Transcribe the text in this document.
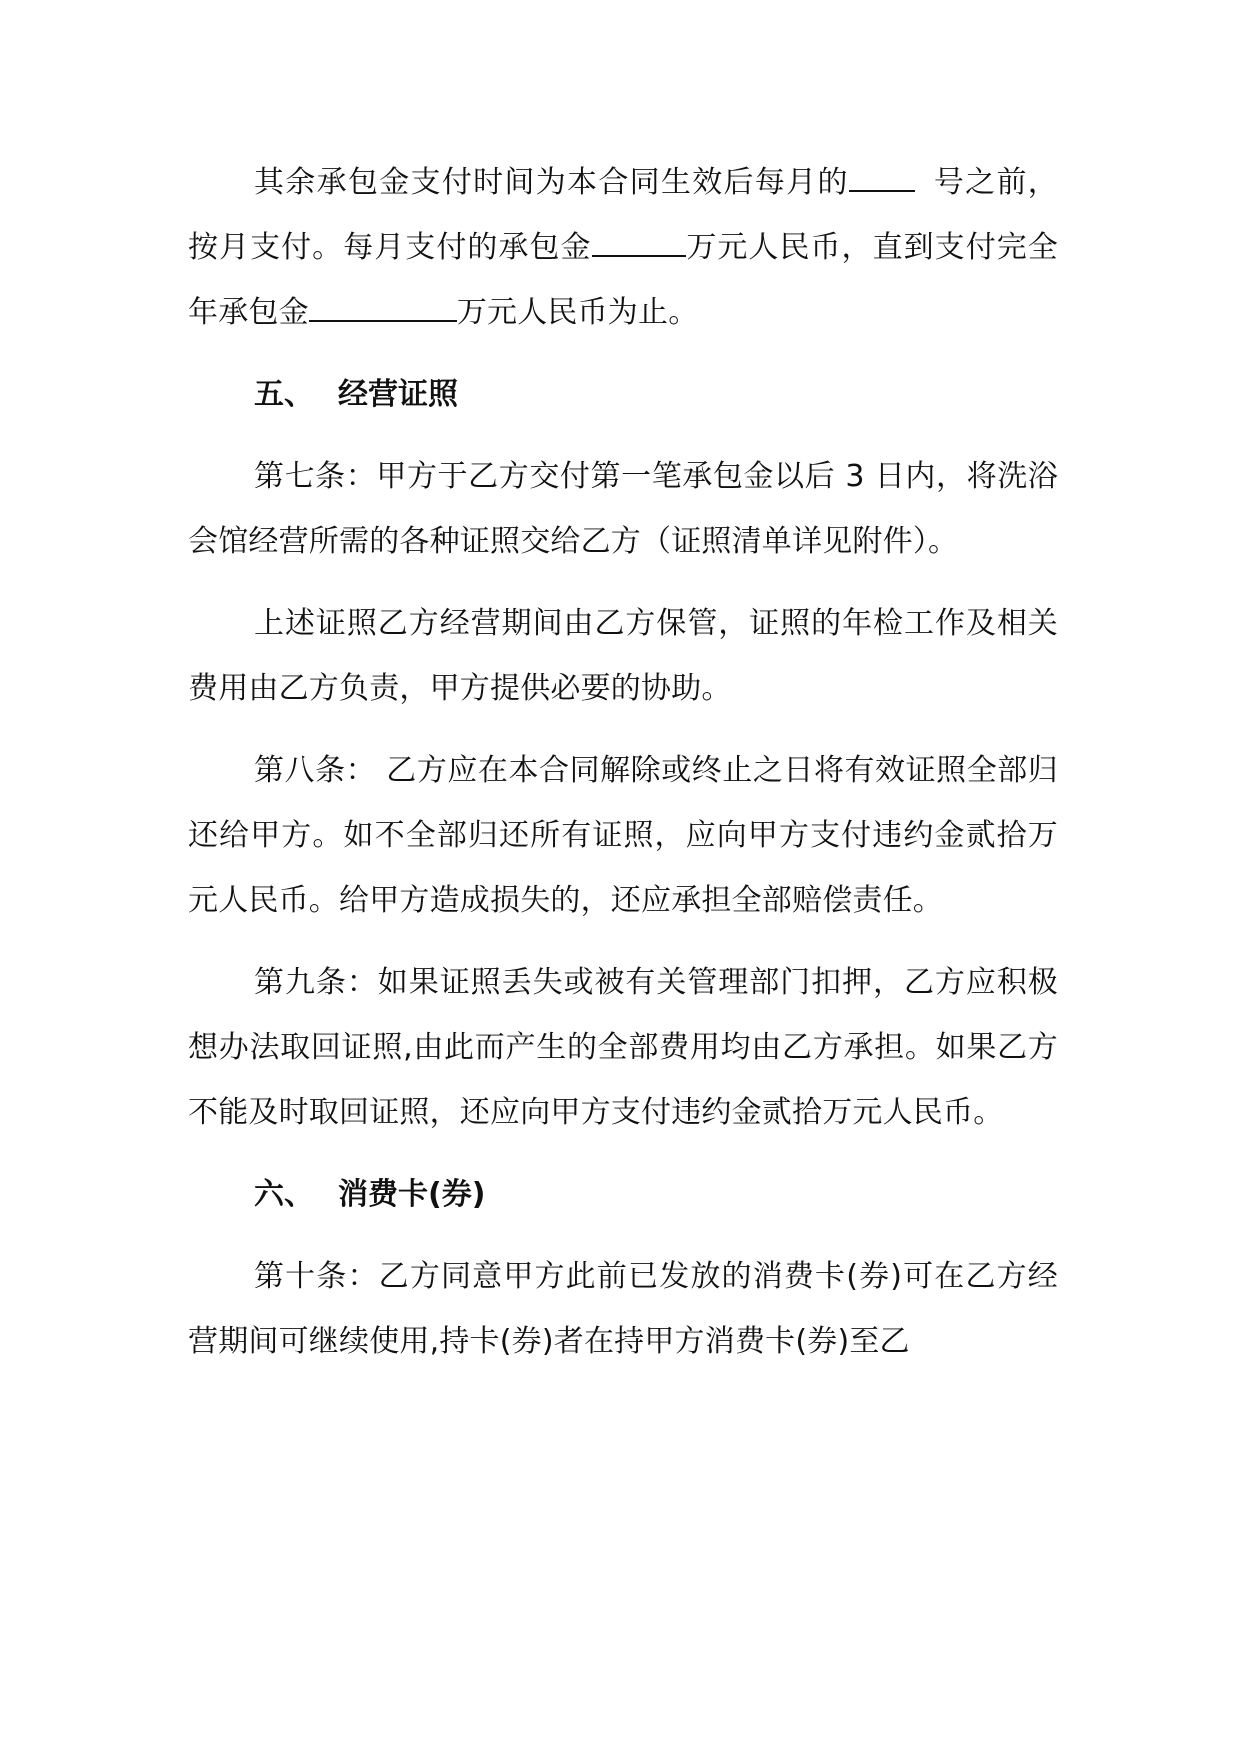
其余承包金支付时间为本合同生效后每月的	号之前，按月支付。每月支付的承包金	万元人民币，直到支付完全年承包金	万元人民币为止。

五、 经营证照

第七条：甲方于乙方交付第一笔承包金以后 3 日内，将洗浴会馆经营所需的各种证照交给乙方（证照清单详见附件）。

上述证照乙方经营期间由乙方保管，证照的年检工作及相关费用由乙方负责，甲方提供必要的协助。

第八条： 乙方应在本合同解除或终止之日将有效证照全部归还给甲方。如不全部归还所有证照，应向甲方支付违约金贰拾万元人民币。给甲方造成损失的，还应承担全部赔偿责任。

第九条：如果证照丢失或被有关管理部门扣押，乙方应积极想办法取回证照,由此而产生的全部费用均由乙方承担。如果乙方不能及时取回证照，还应向甲方支付违约金贰拾万元人民币。

六、 消费卡(券)

第十条：乙方同意甲方此前已发放的消费卡(券)可在乙方经营期间可继续使用,持卡(券)者在持甲方消费卡(券)至乙
